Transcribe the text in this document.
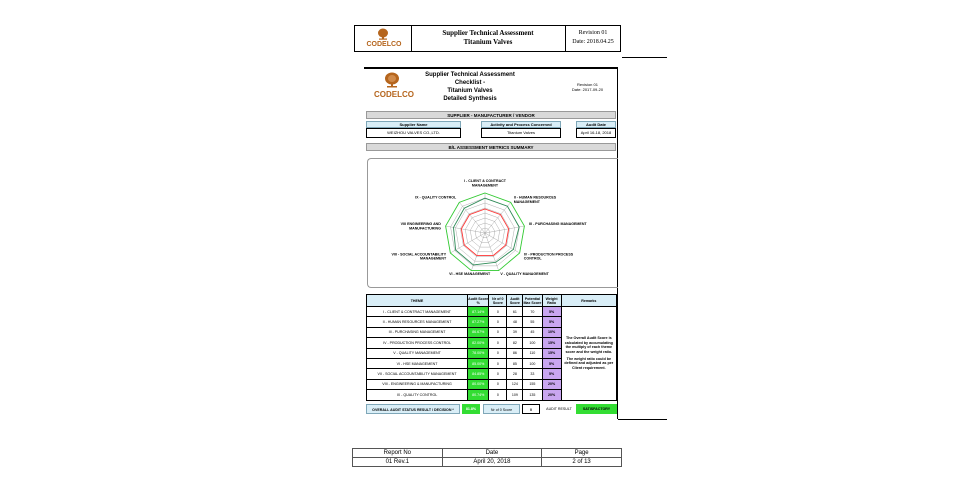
CODELCO
Supplier Technical Assessment
Titanium Valves
Revision 01
Date: 2018.04.25
CODELCO
Supplier Technical Assessment
Checklist -
Titanium Valves
Detailed Synthesis
Revision 01
Date: 2017-09-20
SUPPLIER - MANUFACTURER / VENDOR
Supplier Name
WEIZHOU VALVES CO.,LTD.
Activity and Process Concerned
Titanium Valves
Audit Date
April 16-18, 2018
B/L ASSESSMENT METRICS SUMMARY
I - CLIENT & CONTRACT MANAGEMENT
II - HUMAN RESOURCES MANAGEMENT
III - PURCHASING MANAGEMENT
IV - PRODUCTION PROCESS CONTROL
V - QUALITY MANAGEMENT
VI - HSE MANAGEMENT
VIII - SOCIAL ACCOUNTABILITY MANAGEMENT
VIII ENGINEERING AND MANUFACTURING
IX - QUALITY CONTROL
THEME	Audit Score %	Nr of 0 Score	Audit Score	Potential Max Score	Weight Ratio	Remarks
I - CLIENT & CONTRACT MANAGEMENT	87.14%	0	61	70	5%	The Overall Audit Score is calculated by accumulating the multiply of each theme score and the weight ratio.
The weight ratio could be defined and adjusted as per Client requirement.

II - HUMAN RESOURCES MANAGEMENT	87.27%	0	48	55	5%	
III - PURCHASING MANAGEMENT	86.67%	0	39	45	10%	
IV - PRODUCTION PROCESS CONTROL	82.00%	0	82	100	15%	
V - QUALITY MANAGEMENT	78.00%	0	86	110	15%	
VI - HSE MANAGEMENT	85.00%	0	85	100	5%	
VII - SOCIAL ACCOUNTABILITY MANAGEMENT	84.85%	0	28	33	5%	
VIII - ENGINEERING & MANUFACTURING	80.00%	0	124	155	20%	
IX - QUALITY CONTROL	80.74%	0	109	135	20%	
OVERALL AUDIT STATUS RESULT / DECISION *	81.8%	Nr of 0 Score	0	AUDIT RESULT	SATISFACTORY
Report No	Date	Page
01 Rev.1	April 20, 2018	2 of 13
